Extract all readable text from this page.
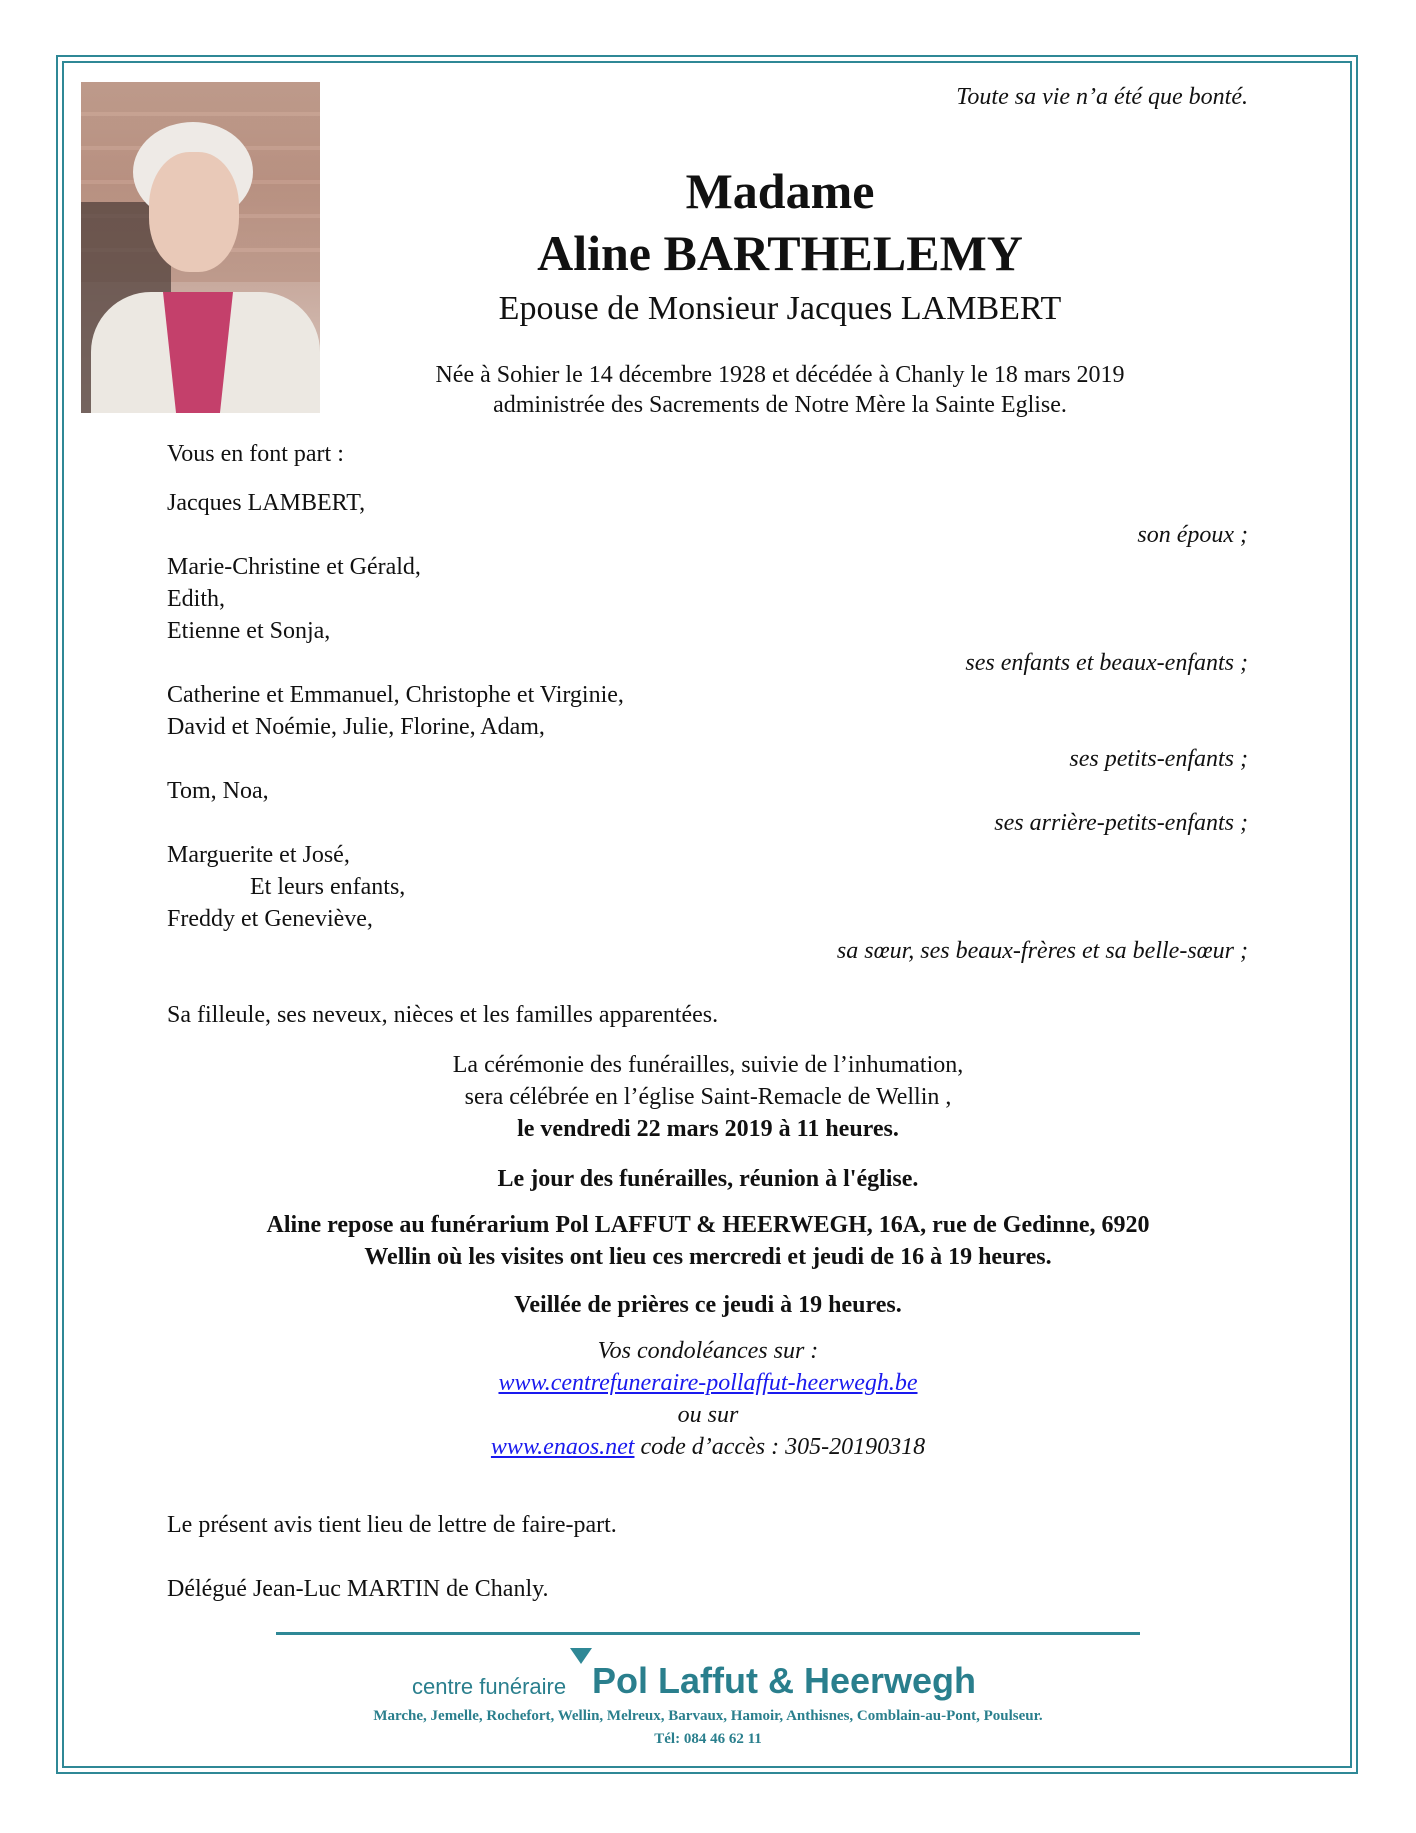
Toute sa vie n’a été que bonté.
Madame
Aline BARTHELEMY
Epouse de Monsieur Jacques LAMBERT
Née à Sohier le 14 décembre 1928 et décédée à Chanly le 18 mars 2019
administrée des Sacrements de Notre Mère la Sainte Eglise.
Vous en font part :
Jacques LAMBERT,
son époux ;
Marie-Christine et Gérald,
Edith,
Etienne et Sonja,
ses enfants et beaux-enfants ;
Catherine et Emmanuel, Christophe et Virginie,
David et Noémie, Julie, Florine, Adam,
ses petits-enfants ;
Tom, Noa,
ses arrière-petits-enfants ;
Marguerite et José,
Et leurs enfants,
Freddy et Geneviève,
sa sœur, ses beaux-frères et sa belle-sœur ;
Sa filleule, ses neveux, nièces et les familles apparentées.
La cérémonie des funérailles, suivie de l’inhumation,
sera célébrée en l’église Saint-Remacle de Wellin ,
le vendredi 22 mars 2019 à 11 heures.
Le jour des funérailles, réunion à l'église.
Aline repose au funérarium Pol LAFFUT & HEERWEGH, 16A, rue de Gedinne, 6920
Wellin où les visites ont lieu ces mercredi et jeudi de 16 à 19 heures.
Veillée de prières ce jeudi à 19 heures.
Vos condoléances sur :
www.centrefuneraire-pollaffut-heerwegh.be
ou sur
www.enaos.net code d’accès : 305-20190318
Le présent avis tient lieu de lettre de faire-part.
Délégué Jean-Luc MARTIN de Chanly.
centre funéraire Pol Laffut & Heerwegh
Marche, Jemelle, Rochefort, Wellin, Melreux, Barvaux, Hamoir, Anthisnes, Comblain-au-Pont, Poulseur.
Tél: 084 46 62 11
